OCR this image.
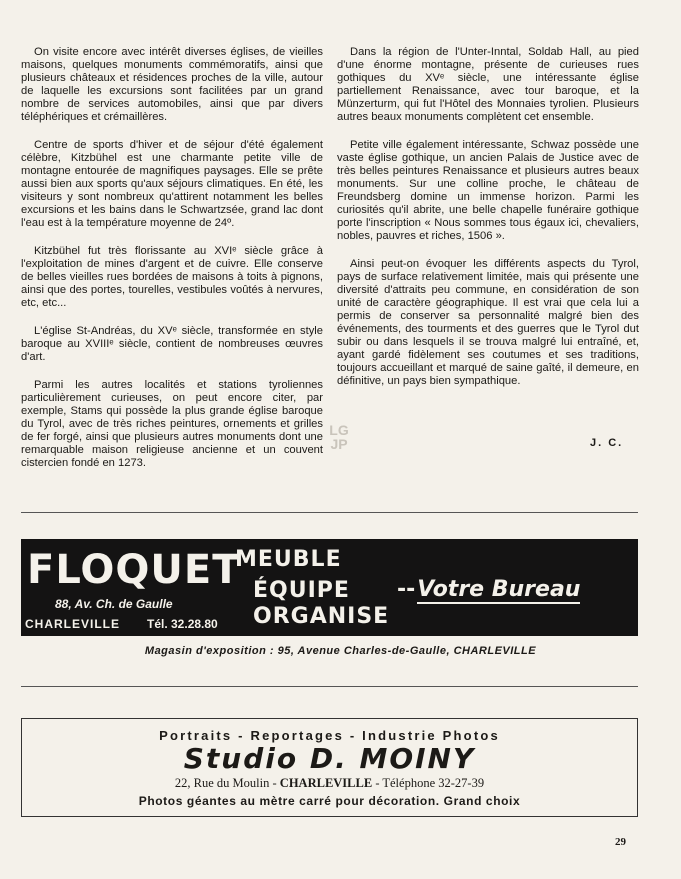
On visite encore avec intérêt diverses églises, de vieilles maisons, quelques monuments commémoratifs, ainsi que plusieurs châteaux et résidences proches de la ville, autour de laquelle les excursions sont facilitées par un grand nombre de services automobiles, ainsi que par divers téléphériques et crémaillères.

Centre de sports d'hiver et de séjour d'été également célèbre, Kitzbühel est une charmante petite ville de montagne entourée de magnifiques paysages. Elle se prête aussi bien aux sports qu'aux séjours climatiques. En été, les visiteurs y sont nombreux qu'attirent notamment les belles excursions et les bains dans le Schwartzsée, grand lac dont l'eau est à la température moyenne de 24º.

Kitzbühel fut très florissante au XVIᵉ siècle grâce à l'exploitation de mines d'argent et de cuivre. Elle conserve de belles vieilles rues bordées de maisons à toits à pignons, ainsi que des portes, tourelles, vestibules voûtés à nervures, etc, etc...

L'église St-Andréas, du XVᵉ siècle, transformée en style baroque au XVIIIᵉ siècle, contient de nombreuses œuvres d'art.

Parmi les autres localités et stations tyroliennes particulièrement curieuses, on peut encore citer, par exemple, Stams qui possède la plus grande église baroque du Tyrol, avec de très riches peintures, ornements et grilles de fer forgé, ainsi que plusieurs autres monuments dont une remarquable maison religieuse ancienne et un couvent cistercien fondé en 1273.

Dans la région de l'Unter-Inntal, Soldab Hall, au pied d'une énorme montagne, présente de curieuses rues gothiques du XVᵉ siècle, une intéressante église partiellement Renaissance, avec tour baroque, et la Münzerturm, qui fut l'Hôtel des Monnaies tyrolien. Plusieurs autres beaux monuments complètent cet ensemble.

Petite ville également intéressante, Schwaz possède une vaste église gothique, un ancien Palais de Justice avec de très belles peintures Renaissance et plusieurs autres beaux monuments. Sur une colline proche, le château de Freundsberg domine un immense horizon. Parmi les curiosités qu'il abrite, une belle chapelle funéraire gothique porte l'inscription « Nous sommes tous égaux ici, chevaliers, nobles, pauvres et riches, 1506 ».

Ainsi peut-on évoquer les différents aspects du Tyrol, pays de surface relativement limitée, mais qui présente une diversité d'attraits peu commune, en considération de son unité de caractère géographique. Il est vrai que cela lui a permis de conserver sa personnalité malgré bien des événements, des tourments et des guerres que le Tyrol dut subir ou dans lesquels il se trouva malgré lui entraîné, et, ayant gardé fidèlement ses coutumes et ses traditions, toujours accueillant et marqué de saine gaîté, il demeure, en définitive, un pays bien sympathique.

J. C.
LG
JP
FLOQUET
MEUBLE
ÉQUIPE
ORGANISE
--Votre Bureau
88, Av. Ch. de Gaulle
CHARLEVILLE Tél. 32.28.80
Magasin d'exposition : 95, Avenue Charles-de-Gaulle, CHARLEVILLE
Portraits - Reportages - Industrie Photos
Studio D. MOINY
22, Rue du Moulin - CHARLEVILLE - Téléphone 32-27-39
Photos géantes au mètre carré pour décoration. Grand choix
29
